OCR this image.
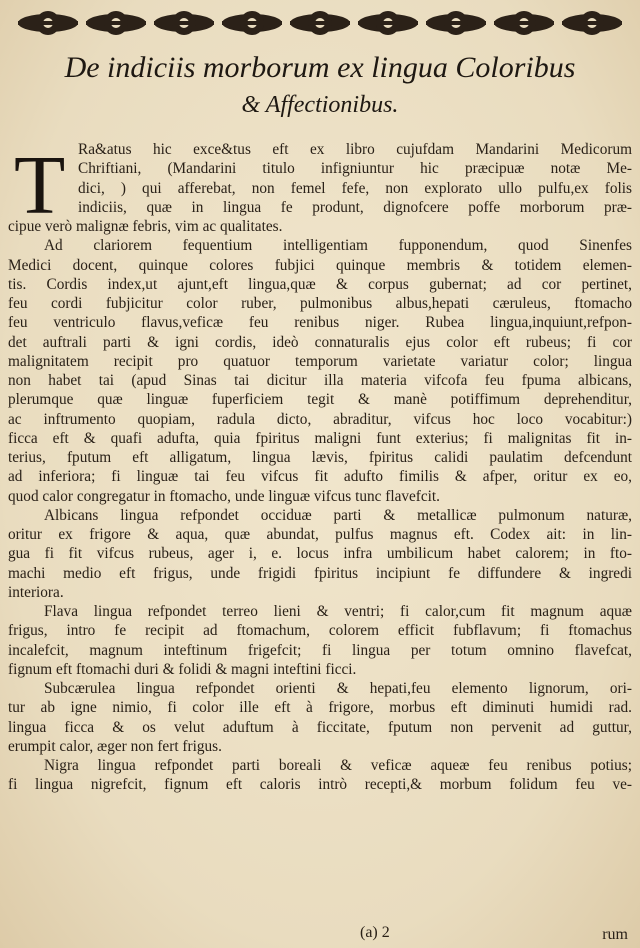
De indiciis morborum ex lingua Coloribus
& Affectionibus.
T Ra&atus hic exce&tus eft ex libro cujufdam Mandarini Medicorum
Chriftiani, (Mandarini titulo infigniuntur hic præcipuæ notæ Me-
dici, ) qui afferebat, non femel fefe, non explorato ullo pulfu,ex folis
indiciis, quæ in lingua fe produnt, dignofcere poffe morborum præ-
cipue verò malignæ febris, vim ac qualitates.
Ad clariorem fequentium intelligentiam fupponendum, quod Sinenfes
Medici docent, quinque colores fubjici quinque membris & totidem elemen-
tis. Cordis index,ut ajunt,eft lingua,quæ & corpus gubernat; ad cor pertinet,
feu cordi fubjicitur color ruber, pulmonibus albus,hepati cæruleus, ftomacho
feu ventriculo flavus,veficæ feu renibus niger. Rubea lingua,inquiunt,refpon-
det auftrali parti & igni cordis, ideò connaturalis ejus color eft rubeus; fi cor
malignitatem recipit pro quatuor temporum varietate variatur color; lingua
non habet tai (apud Sinas tai dicitur illa materia vifcofa feu fpuma albicans,
plerumque quæ linguæ fuperficiem tegit & manè potiffimum deprehenditur,
ac inftrumento quopiam, radula dicto, abraditur, vifcus hoc loco vocabitur:)
ficca eft & quafi adufta, quia fpiritus maligni funt exterius; fi malignitas fit in-
terius, fputum eft alligatum, lingua lævis, fpiritus calidi paulatim defcendunt
ad inferiora; fi linguæ tai feu vifcus fit adufto fimilis & afper, oritur ex eo,
quod calor congregatur in ftomacho, unde linguæ vifcus tunc flavefcit.
Albicans lingua refpondet occiduæ parti & metallicæ pulmonum naturæ,
oritur ex frigore & aqua, quæ abundat, pulfus magnus eft. Codex ait: in lin-
gua fi fit vifcus rubeus, ager i, e. locus infra umbilicum habet calorem; in fto-
machi medio eft frigus, unde frigidi fpiritus incipiunt fe diffundere & ingredi
interiora.
Flava lingua refpondet terreo lieni & ventri; fi calor,cum fit magnum aquæ
frigus, intro fe recipit ad ftomachum, colorem efficit fubflavum; fi ftomachus
incalefcit, magnum inteftinum frigefcit; fi lingua per totum omnino flavefcat,
fignum eft ftomachi duri & folidi & magni inteftini ficci.
Subcærulea lingua refpondet orienti & hepati,feu elemento lignorum, ori-
tur ab igne nimio, fi color ille eft à frigore, morbus eft diminuti humidi rad.
lingua ficca & os velut aduftum à ficcitate, fputum non pervenit ad guttur,
erumpit calor, æger non fert frigus.
Nigra lingua refpondet parti boreali & veficæ aqueæ feu renibus potius;
fi lingua nigrefcit, fignum eft caloris intrò recepti,& morbum folidum feu ve-
(a) 2	rum
